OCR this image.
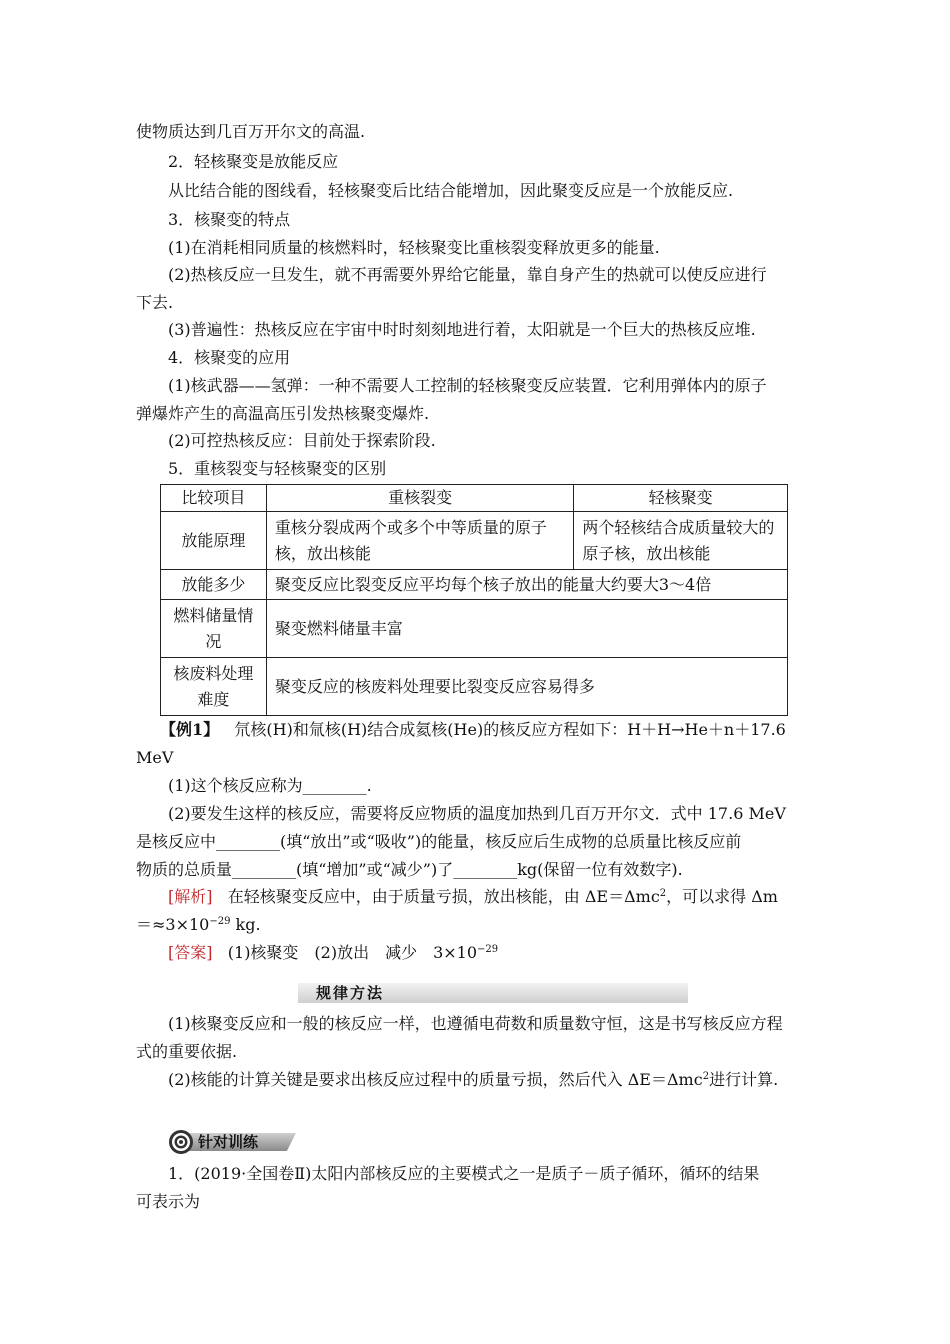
使物质达到几百万开尔文的高温.
2．轻核聚变是放能反应
从比结合能的图线看，轻核聚变后比结合能增加，因此聚变反应是一个放能反应.
3．核聚变的特点
(1)在消耗相同质量的核燃料时，轻核聚变比重核裂变释放更多的能量.
(2)热核反应一旦发生，就不再需要外界给它能量，靠自身产生的热就可以使反应进行
下去.
(3)普遍性：热核反应在宇宙中时时刻刻地进行着，太阳就是一个巨大的热核反应堆.
4．核聚变的应用
(1)核武器——氢弹：一种不需要人工控制的轻核聚变反应装置．它利用弹体内的原子
弹爆炸产生的高温高压引发热核聚变爆炸.
(2)可控热核反应：目前处于探索阶段.
5．重核裂变与轻核聚变的区别
比较项目	重核裂变	轻核聚变
放能原理	重核分裂成两个或多个中等质量的原子核，放出核能	两个轻核结合成质量较大的原子核，放出核能
放能多少	聚变反应比裂变反应平均每个核子放出的能量大约要大3～4倍	
燃料储量情况	聚变燃料储量丰富	
核废料处理难度	聚变反应的核废料处理要比裂变反应容易得多	
【例1】 氘核(H)和氚核(H)结合成氦核(He)的核反应方程如下：H＋H→He＋n＋17.6
MeV
(1)这个核反应称为________.
(2)要发生这样的核反应，需要将反应物质的温度加热到几百万开尔文．式中 17.6 MeV
是核反应中________(填“放出”或“吸收”)的能量，核反应后生成物的总质量比核反应前
物质的总质量________(填“增加”或“减少”)了________kg(保留一位有效数字).
[解析] 在轻核聚变反应中，由于质量亏损，放出核能，由 ΔE＝Δmc$^2$，可以求得 Δm
$=\approx 3\times 10^{-29}$ kg.
[答案] (1)核聚变　(2)放出　减少　$3\times 10^{-29}$
规律方法
(1)核聚变反应和一般的核反应一样，也遵循电荷数和质量数守恒，这是书写核反应方程
式的重要依据.
(2)核能的计算关键是要求出核反应过程中的质量亏损，然后代入 ΔE＝Δmc$^2$进行计算.
针对训练
1．(2019·全国卷Ⅱ)太阳内部核反应的主要模式之一是质子－质子循环，循环的结果
可表示为
